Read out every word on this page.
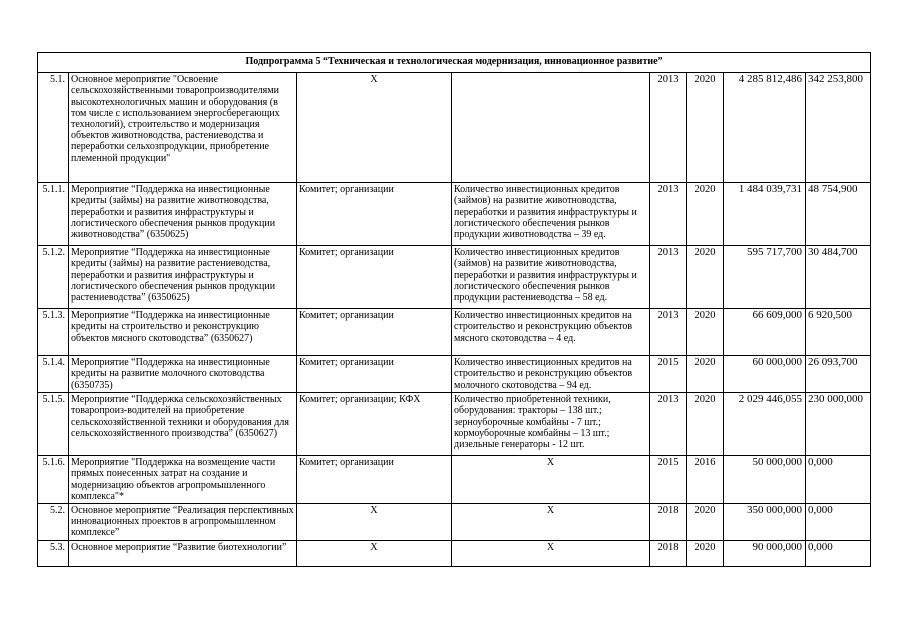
Подпрограмма 5 “Техническая и технологическая модернизация, инновационное развитие”							
5.1.	Основное мероприятие "Освоение сельскохозяйственными товаропроизводителями высокотехнологичных машин и оборудования (в том числе с использованием энергосберегающих технологий), строительство и модернизация объектов животноводства, растениеводства и переработки сельхозпродукции, приобретение племенной продукции"	Х		2013	2020	4 285 812,486	342 253,800
5.1.1.	Мероприятие “Поддержка на инвестиционные кредиты (займы) на развитие животноводства, переработки и развития инфраструктуры и логистического обеспечения рынков продукции животноводства” (6350625)	Комитет; организации	Количество инвестиционных кредитов (займов) на развитие животноводства, переработки и развития инфраструктуры и логистического обеспечения рынков продукции животноводства – 39 ед.	2013	2020	1 484 039,731	48 754,900
5.1.2.	Мероприятие “Поддержка на инвестиционные кредиты (займы) на развитие растениеводства, переработки и развития инфраструктуры и логистического обеспечения рынков продукции растениеводства” (6350625)	Комитет; организации	Количество инвестиционных кредитов (займов) на развитие животноводства, переработки и развития инфраструктуры и логистического обеспечения рынков продукции растениеводства – 58 ед.	2013	2020	595 717,700	30 484,700
5.1.3.	Мероприятие “Поддержка на инвестиционные кредиты на строительство и реконструкцию объектов мясного скотоводства” (6350627)	Комитет; организации	Количество инвестиционных кредитов на строительство и реконструкцию объектов мясного скотоводства – 4 ед.	2013	2020	66 609,000	6 920,500
5.1.4.	Мероприятие “Поддержка на инвестиционные кредиты на развитие молочного скотоводства (6350735)	Комитет; организации	Количество инвестиционных кредитов на строительство и реконструкцию объектов молочного скотоводства – 94 ед.	2015	2020	60 000,000	26 093,700
5.1.5.	Мероприятие “Поддержка сельскохозяйственных товаропроиз-водителей на приобретение сельскохозяйственной техники и оборудования для сельскохозяйственного производства” (6350627)	Комитет; организации; КФХ	Количество приобретенной техники, оборудования: тракторы – 138 шт.; зерноуборочные комбайны - 7 шт.; кормоуборочные комбайны – 13 шт.; дизельные генераторы - 12 шт.	2013	2020	2 029 446,055	230 000,000
5.1.6.	Мероприятие "Поддержка на возмещение части прямых понесенных затрат на создание и модернизацию объектов агропромышленного комплекса"*	Комитет; организации	Х	2015	2016	50 000,000	0,000
5.2.	Основное мероприятие “Реализация перспективных инновационных проектов в агропромышленном комплексе”	Х	Х	2018	2020	350 000,000	0,000
5.3.	Основное мероприятие “Развитие биотехнологии”	Х	Х	2018	2020	90 000,000	0,000
